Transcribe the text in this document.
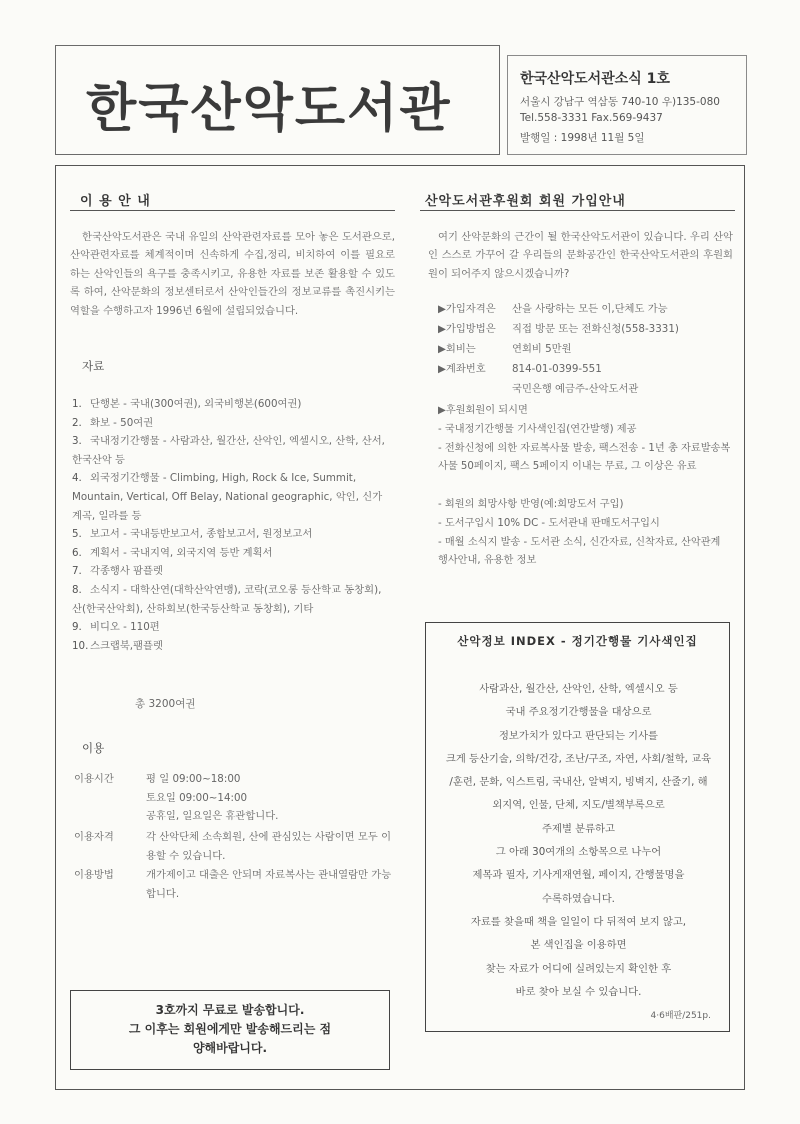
한국산악도서관	한국산악도서관소식 1호
서울시 강남구 역삼동 740-10 우)135-080
Tel.558-3331 Fax.569-9437
발행일 : 1998년 11월 5일
이 용 안 내
한국산악도서관은 국내 유일의 산악관련자료를 모아 놓은 도서관으로, 산악관련자료를 체계적이며 신속하게 수집,정리, 비치하여 이를 필요로 하는 산악인들의 욕구를 충족시키고, 유용한 자료를 보존 활용할 수 있도록 하여, 산악문화의 정보센터로서 산악인들간의 정보교류를 촉진시키는 역할을 수행하고자 1996년 6월에 설립되었습니다.
자료
1. 단행본 - 국내(300여권), 외국비행본(600여권)
2. 화보 - 50여권
3. 국내정기간행물 - 사람과산, 월간산, 산악인, 엑셀시오, 산학, 산서, 한국산악 등
4. 외국정기간행물 - Climbing, High, Rock & Ice, Summit, Mountain, Vertical, Off Belay, National geographic, 악인, 신가계곡, 일라를 등
5. 보고서 - 국내등반보고서, 종합보고서, 원정보고서
6. 계획서 - 국내지역, 외국지역 등반 계획서
7. 각종행사 팜플렛
8. 소식지 - 대학산연(대학산악연맹), 코락(코오롱 등산학교 동창회), 산(한국산악회), 산하회보(한국등산학교 동창회), 기타
9. 비디오 - 110편
10. 스크랩북,팸플렛
총 3200여권
이용
이용시간	평 일 09:00~18:00
토요일 09:00~14:00
공휴일, 일요일은 휴관합니다.
이용자격	각 산악단체 소속회원, 산에 관심있는 사람이면 모두 이용할 수 있습니다.
이용방법	개가제이고 대출은 안되며 자료복사는 관내열람만 가능합니다.
3호까지 무료로 발송합니다.
그 이후는 회원에게만 발송해드리는 점
양해바랍니다.
산악도서관후원회 회원 가입안내
여기 산악문화의 근간이 될 한국산악도서관이 있습니다. 우리 산악인 스스로 가꾸어 갈 우리들의 문화공간인 한국산악도서관의 후원회원이 되어주지 않으시겠습니까?
▶가입자격은 산을 사랑하는 모든 이,단체도 가능
▶가입방법은 직접 방문 또는 전화신청(558-3331)
▶회비는	연회비 5만원
▶계좌번호	814-01-0399-551
국민은행 예금주-산악도서관
▶후원회원이 되시면
- 국내정기간행물 기사색인집(연간발행) 제공
- 전화신청에 의한 자료복사물 발송, 팩스전송 - 1년 총 자료발송복사물 50페이지, 팩스 5페이지 이내는 무료, 그 이상은 유료
- 회원의 희망사항 반영(예:희망도서 구입)
- 도서구입시 10% DC - 도서관내 판매도서구입시
- 매월 소식지 발송 - 도서관 소식, 신간자료, 신착자료, 산악관계 행사안내, 유용한 정보
산악정보 INDEX - 정기간행물 기사색인집
사람과산, 월간산, 산악인, 산학, 엑셀시오 등
국내 주요정기간행물을 대상으로
정보가치가 있다고 판단되는 기사를
크게 등산기술, 의학/건강, 조난/구조, 자연, 사회/철학, 교육
/훈련, 문화, 익스트림, 국내산, 알벽지, 빙벽지, 산줄기, 해
외지역, 인물, 단체, 지도/별책부록으로
주제별 분류하고
그 아래 30여개의 소항목으로 나누어
제목과 필자, 기사게재연월, 페이지, 간행물명을
수록하였습니다.
자료를 찾을때 책을 일일이 다 뒤적여 보지 않고,
본 색인집을 이용하면
찾는 자료가 어디에 실려있는지 확인한 후
바로 찾아 보실 수 있습니다.
4·6배판/251p.
